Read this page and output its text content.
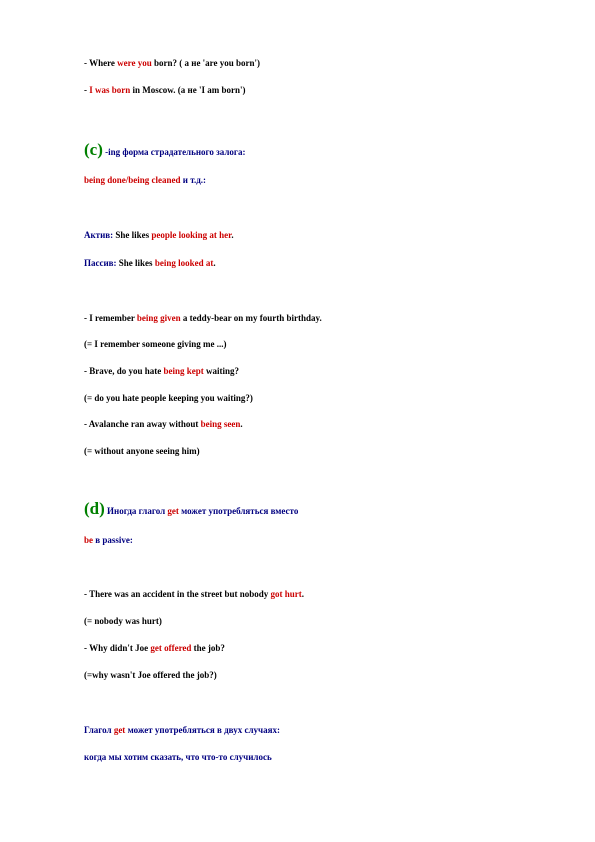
- Where were you born? ( a не 'are you born')
- I was born in Moscow. (a не 'I am born')
(c) -ing форма страдательного залога:
being done/being cleaned и т.д.:
Актив: She likes people looking at her.
Пассив: She likes being looked at.
- I remember being given a teddy-bear on my fourth birthday.
(= I remember someone giving me ...)
- Brave, do you hate being kept waiting?
(= do you hate people keeping you waiting?)
- Avalanche ran away without being seen.
(= without anyone seeing him)
(d) Иногда глагол get может употребляться вместо
be в passive:
- There was an accident in the street but nobody got hurt.
(= nobody was hurt)
- Why didn't Joe get offered the job?
(=why wasn't Joe offered the job?)
Глагол get может употребляться в двух случаях:
когда мы хотим сказать, что что-то случилось
